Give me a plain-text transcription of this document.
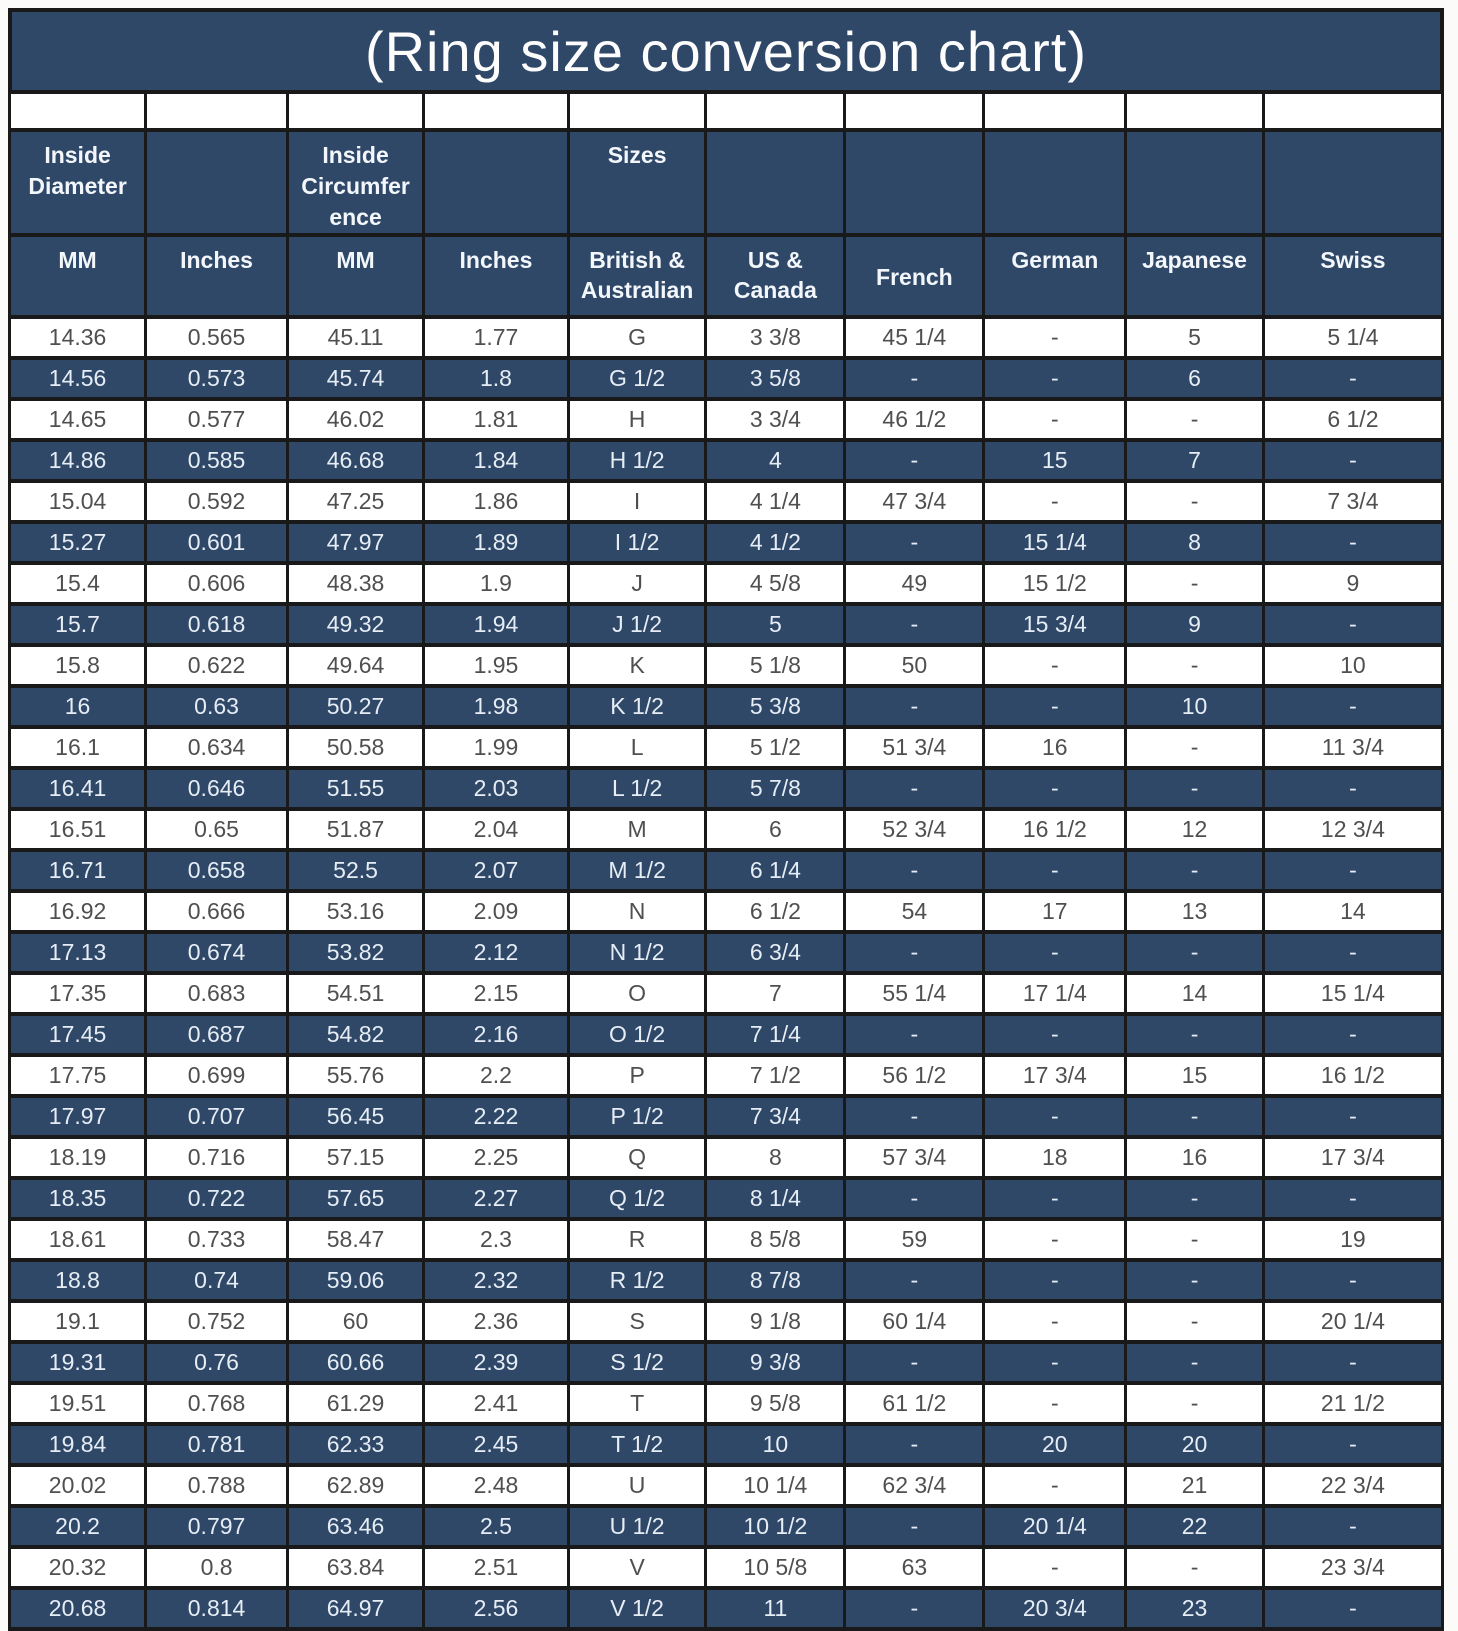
(Ring size conversion chart)

Inside Diameter		Inside Circumference		Sizes					
MM	Inches	MM	Inches	British & Australian	US & Canada	French	German	Japanese	Swiss
14.36	0.565	45.11	1.77	G	3 3/8	45 1/4	-	5	5 1/4
14.56	0.573	45.74	1.8	G 1/2	3 5/8	-	-	6	-
14.65	0.577	46.02	1.81	H	3 3/4	46 1/2	-	-	6 1/2
14.86	0.585	46.68	1.84	H 1/2	4	-	15	7	-
15.04	0.592	47.25	1.86	I	4 1/4	47 3/4	-	-	7 3/4
15.27	0.601	47.97	1.89	I 1/2	4 1/2	-	15 1/4	8	-
15.4	0.606	48.38	1.9	J	4 5/8	49	15 1/2	-	9
15.7	0.618	49.32	1.94	J 1/2	5	-	15 3/4	9	-
15.8	0.622	49.64	1.95	K	5 1/8	50	-	-	10
16	0.63	50.27	1.98	K 1/2	5 3/8	-	-	10	-
16.1	0.634	50.58	1.99	L	5 1/2	51 3/4	16	-	11 3/4
16.41	0.646	51.55	2.03	L 1/2	5 7/8	-	-	-	-
16.51	0.65	51.87	2.04	M	6	52 3/4	16 1/2	12	12 3/4
16.71	0.658	52.5	2.07	M 1/2	6 1/4	-	-	-	-
16.92	0.666	53.16	2.09	N	6 1/2	54	17	13	14
17.13	0.674	53.82	2.12	N 1/2	6 3/4	-	-	-	-
17.35	0.683	54.51	2.15	O	7	55 1/4	17 1/4	14	15 1/4
17.45	0.687	54.82	2.16	O 1/2	7 1/4	-	-	-	-
17.75	0.699	55.76	2.2	P	7 1/2	56 1/2	17 3/4	15	16 1/2
17.97	0.707	56.45	2.22	P 1/2	7 3/4	-	-	-	-
18.19	0.716	57.15	2.25	Q	8	57 3/4	18	16	17 3/4
18.35	0.722	57.65	2.27	Q 1/2	8 1/4	-	-	-	-
18.61	0.733	58.47	2.3	R	8 5/8	59	-	-	19
18.8	0.74	59.06	2.32	R 1/2	8 7/8	-	-	-	-
19.1	0.752	60	2.36	S	9 1/8	60 1/4	-	-	20 1/4
19.31	0.76	60.66	2.39	S 1/2	9 3/8	-	-	-	-
19.51	0.768	61.29	2.41	T	9 5/8	61 1/2	-	-	21 1/2
19.84	0.781	62.33	2.45	T 1/2	10	-	20	20	-
20.02	0.788	62.89	2.48	U	10 1/4	62 3/4	-	21	22 3/4
20.2	0.797	63.46	2.5	U 1/2	10 1/2	-	20 1/4	22	-
20.32	0.8	63.84	2.51	V	10 5/8	63	-	-	23 3/4
20.68	0.814	64.97	2.56	V 1/2	11	-	20 3/4	23	-
